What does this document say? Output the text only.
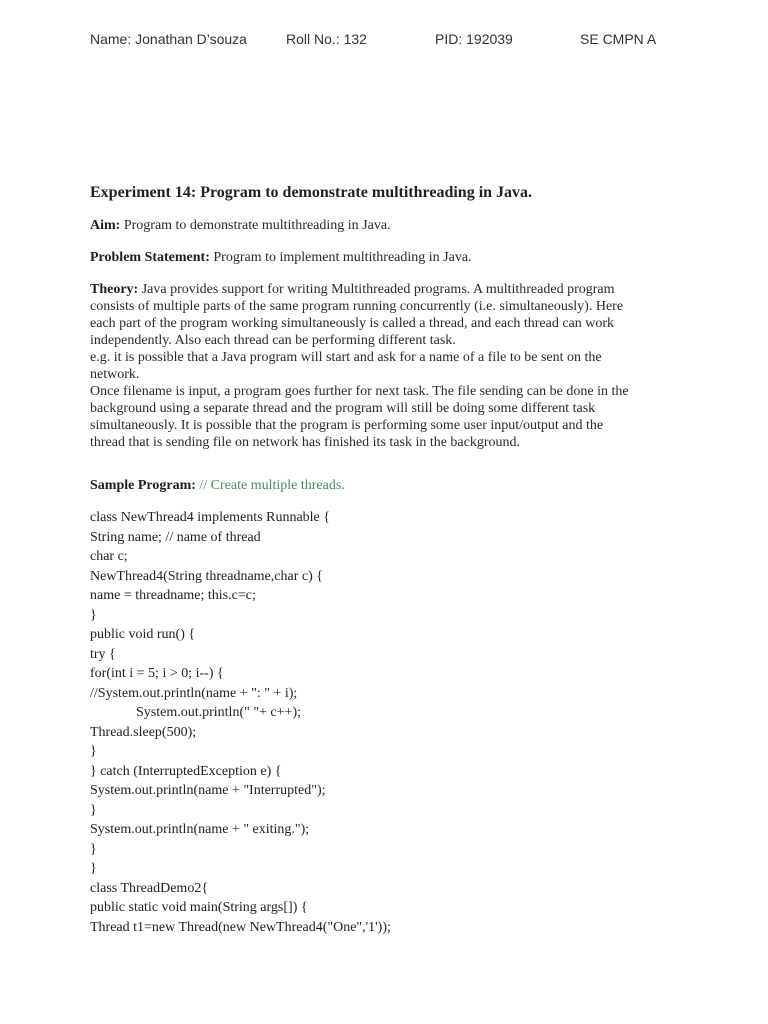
Name: Jonathan D’souza	Roll No.: 132	PID: 192039	SE CMPN A
Experiment 14: Program to demonstrate multithreading in Java.

Aim: Program to demonstrate multithreading in Java.

Problem Statement: Program to implement multithreading in Java.

Theory: Java provides support for writing Multithreaded programs. A multithreaded program
consists of multiple parts of the same program running concurrently (i.e. simultaneously). Here
each part of the program working simultaneously is called a thread, and each thread can work
independently. Also each thread can be performing different task.
e.g. it is possible that a Java program will start and ask for a name of a file to be sent on the
network.
Once filename is input, a program goes further for next task. The file sending can be done in the
background using a separate thread and the program will still be doing some different task
simultaneously. It is possible that the program is performing some user input/output and the
thread that is sending file on network has finished its task in the background.

Sample Program: // Create multiple threads.

class NewThread4 implements Runnable {
String name; // name of thread
char c;
NewThread4(String threadname,char c) {
name = threadname; this.c=c;
}
public void run() {
try {
for(int i = 5; i > 0; i--) {
//System.out.println(name + ": " + i);
System.out.println(" "+ c++);
Thread.sleep(500);
}
} catch (InterruptedException e) {
System.out.println(name + "Interrupted");
}
System.out.println(name + " exiting.");
}
}
class ThreadDemo2{
public static void main(String args[]) {
Thread t1=new Thread(new NewThread4("One",'1'));
